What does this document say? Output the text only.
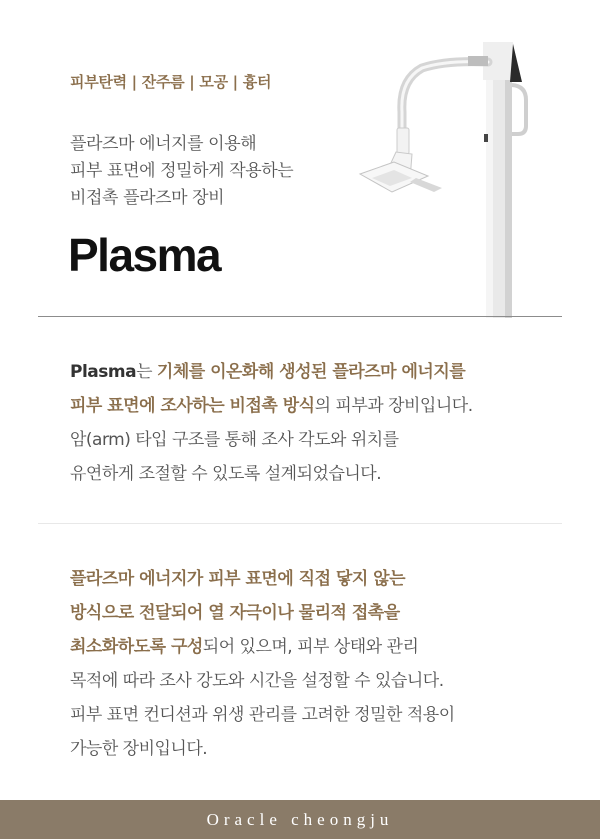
피부탄력 | 잔주름 | 모공 | 흉터
플라즈마 에너지를 이용해
피부 표면에 정밀하게 작용하는
비접촉 플라즈마 장비
Plasma
Plasma는 기체를 이온화해 생성된 플라즈마 에너지를
피부 표면에 조사하는 비접촉 방식의 피부과 장비입니다.
암(arm) 타입 구조를 통해 조사 각도와 위치를
유연하게 조절할 수 있도록 설계되었습니다.
플라즈마 에너지가 피부 표면에 직접 닿지 않는
방식으로 전달되어 열 자극이나 물리적 접촉을
최소화하도록 구성되어 있으며, 피부 상태와 관리
목적에 따라 조사 강도와 시간을 설정할 수 있습니다.
피부 표면 컨디션과 위생 관리를 고려한 정밀한 적용이
가능한 장비입니다.
Oracle cheongju
